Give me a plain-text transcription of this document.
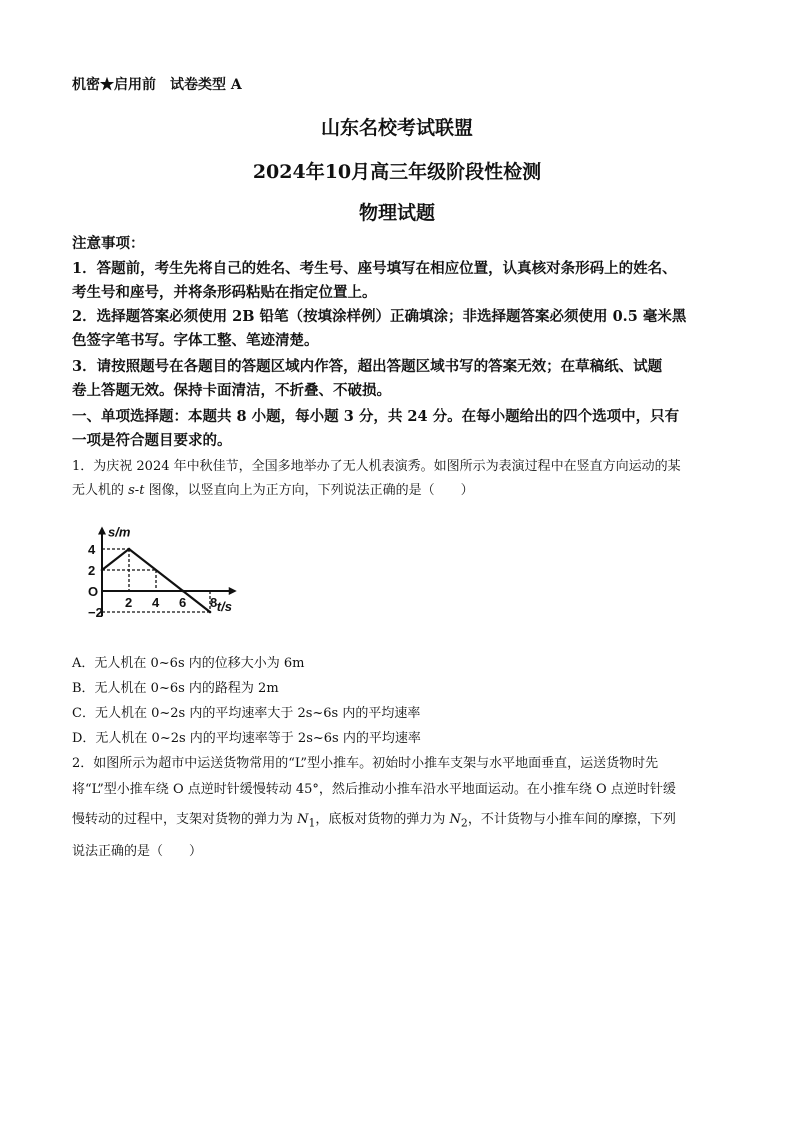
机密★启用前　试卷类型 A
山东名校考试联盟
2024年10月高三年级阶段性检测
物理试题
注意事项：
1．答题前，考生先将自己的姓名、考生号、座号填写在相应位置，认真核对条形码上的姓名、
考生号和座号，并将条形码粘贴在指定位置上。
2．选择题答案必须使用 2B 铅笔（按填涂样例）正确填涂；非选择题答案必须使用 0.5 毫米黑
色签字笔书写。字体工整、笔迹清楚。
3．请按照题号在各题目的答题区域内作答，超出答题区域书写的答案无效；在草稿纸、试题
卷上答题无效。保持卡面清洁，不折叠、不破损。
一、单项选择题：本题共 8 小题，每小题 3 分，共 24 分。在每小题给出的四个选项中，只有
一项是符合题目要求的。
1．为庆祝 2024 年中秋佳节，全国多地举办了无人机表演秀。如图所示为表演过程中在竖直方向运动的某
无人机的 s-t 图像，以竖直向上为正方向，下列说法正确的是（　　）
s/m
t/s
4
2
O
−2
2 4 6 8
A．无人机在 0~6s 内的位移大小为 6m
B．无人机在 0~6s 内的路程为 2m
C．无人机在 0~2s 内的平均速率大于 2s~6s 内的平均速率
D．无人机在 0~2s 内的平均速率等于 2s~6s 内的平均速率
2．如图所示为超市中运送货物常用的“L”型小推车。初始时小推车支架与水平地面垂直，运送货物时先
将“L”型小推车绕 O 点逆时针缓慢转动 45°，然后推动小推车沿水平地面运动。在小推车绕 O 点逆时针缓
慢转动的过程中，支架对货物的弹力为 $N_1$，底板对货物的弹力为 $N_2$，不计货物与小推车间的摩擦，下列
说法正确的是（　　）
